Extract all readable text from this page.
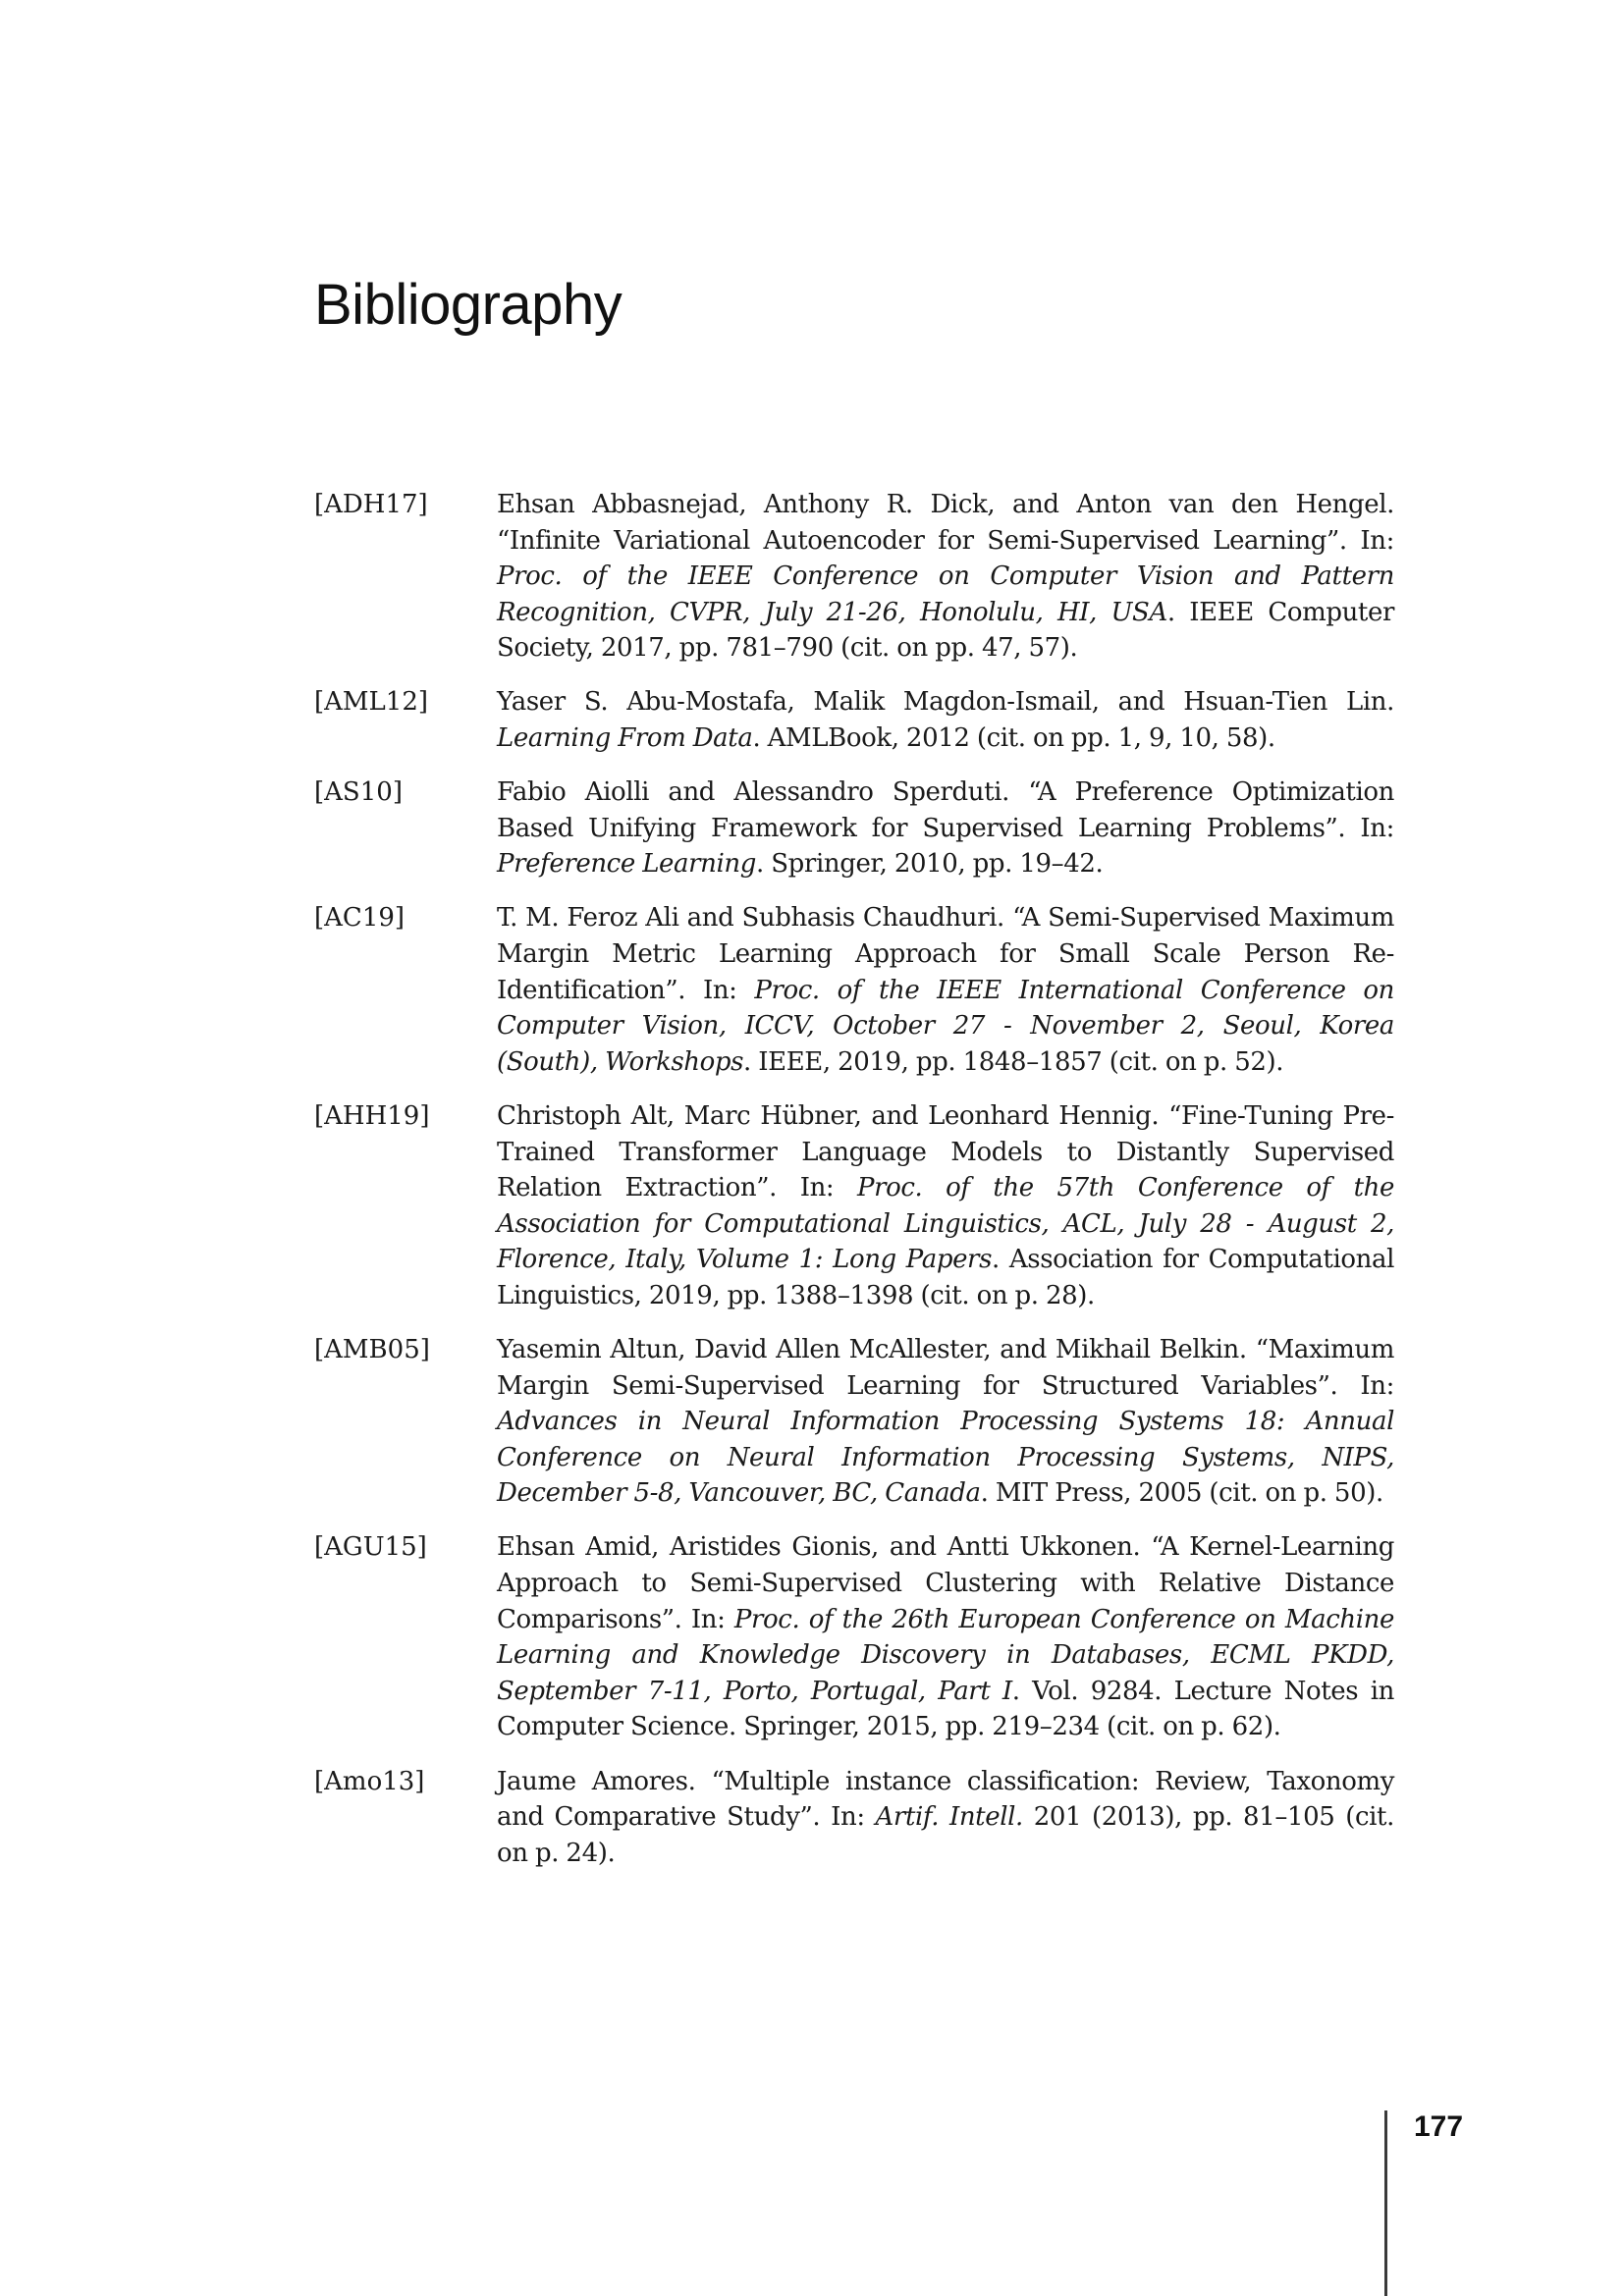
Bibliography
[ADH17]	Ehsan Abbasnejad, Anthony R. Dick, and Anton van den Hengel. “Infinite Variational Autoencoder for Semi-Supervised Learning”. In: Proc. of the IEEE Conference on Computer Vision and Pattern Recognition, CVPR, July 21-26, Honolulu, HI, USA. IEEE Computer Society, 2017, pp. 781–790 (cit. on pp. 47, 57).
[AML12]	Yaser S. Abu-Mostafa, Malik Magdon-Ismail, and Hsuan-Tien Lin. Learning From Data. AMLBook, 2012 (cit. on pp. 1, 9, 10, 58).
[AS10]	Fabio Aiolli and Alessandro Sperduti. “A Preference Optimization Based Unifying Framework for Supervised Learning Problems”. In: Preference Learning. Springer, 2010, pp. 19–42.
[AC19]	T. M. Feroz Ali and Subhasis Chaudhuri. “A Semi-Supervised Maximum Margin Metric Learning Approach for Small Scale Person Re-Identification”. In: Proc. of the IEEE International Conference on Computer Vision, ICCV, October 27 - November 2, Seoul, Korea (South), Workshops. IEEE, 2019, pp. 1848–1857 (cit. on p. 52).
[AHH19]	Christoph Alt, Marc Hübner, and Leonhard Hennig. “Fine-Tuning Pre-Trained Transformer Language Models to Distantly Supervised Relation Extraction”. In: Proc. of the 57th Conference of the Association for Computational Linguistics, ACL, July 28 - August 2, Florence, Italy, Volume 1: Long Papers. Association for Computational Linguistics, 2019, pp. 1388–1398 (cit. on p. 28).
[AMB05]	Yasemin Altun, David Allen McAllester, and Mikhail Belkin. “Maximum Margin Semi-Supervised Learning for Structured Variables”. In: Advances in Neural Information Processing Systems 18: Annual Conference on Neural Information Processing Systems, NIPS, December 5-8, Vancouver, BC, Canada. MIT Press, 2005 (cit. on p. 50).
[AGU15]	Ehsan Amid, Aristides Gionis, and Antti Ukkonen. “A Kernel-Learning Approach to Semi-Supervised Clustering with Relative Distance Comparisons”. In: Proc. of the 26th European Conference on Machine Learning and Knowledge Discovery in Databases, ECML PKDD, September 7-11, Porto, Portugal, Part I. Vol. 9284. Lecture Notes in Computer Science. Springer, 2015, pp. 219–234 (cit. on p. 62).
[Amo13]	Jaume Amores. “Multiple instance classification: Review, Taxonomy and Comparative Study”. In: Artif. Intell. 201 (2013), pp. 81–105 (cit. on p. 24).
177
